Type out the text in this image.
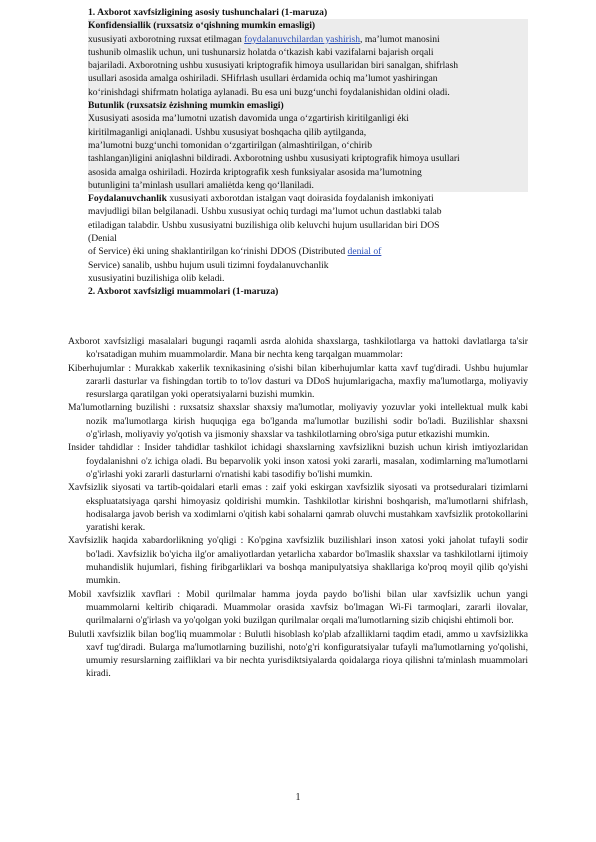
1. Axborot xavfsizligining asosiy tushunchalari (1-maruza)
Konfidensiallik (ruxsatsiz o‘qishning mumkin emasligi)
xususiyati axborotning ruxsat etilmagan foydalanuvchilardan yashirish, ma’lumot manosini
tushunib olmaslik uchun, uni tushunarsiz holatda o‘tkazish kabi vazifalarni bajarish orqali
bajariladi. Axborotning ushbu xususiyati kriptografik himoya usullaridan biri sanalgan, shifrlash
usullari asosida amalga oshiriladi. SHifrlash usullari ėrdamida ochiq ma’lumot yashiringan
ko‘rinishdagi shifrmatn holatiga aylanadi. Bu esa uni buzg‘unchi foydalanishidan oldini oladi.
Butunlik (ruxsatsiz ėzishning mumkin emasligi)
Xususiyati asosida ma’lumotni uzatish davomida unga o‘zgartirish kiritilganligi ėki
kiritilmaganligi aniqlanadi. Ushbu xususiyat boshqacha qilib aytilganda,
ma’lumotni buzg‘unchi tomonidan o‘zgartirilgan (almashtirilgan, o‘chirib
tashlangan)ligini aniqlashni bildiradi. Axborotning ushbu xususiyati kriptografik himoya usullari
asosida amalga oshiriladi. Hozirda kriptografik xesh funksiyalar asosida ma’lumotning
butunligini ta’minlash usullari amaliėtda keng qo‘llaniladi.
Foydalanuvchanlik xususiyati axborotdan istalgan vaqt doirasida foydalanish imkoniyati
mavjudligi bilan belgilanadi. Ushbu xususiyat ochiq turdagi ma’lumot uchun dastlabki talab
etiladigan talabdir. Ushbu xususiyatni buzilishiga olib keluvchi hujum usullaridan biri DOS
(Denial
of Service) ėki uning shaklantirilgan ko‘rinishi DDOS (Distributed denial of
Service) sanalib, ushbu hujum usuli tizimni foydalanuvchanlik
xususiyatini buzilishiga olib keladi.
2. Axborot xavfsizligi muammolari (1-maruza)

Axborot xavfsizligi masalalari bugungi raqamli asrda alohida shaxslarga, tashkilotlarga va hattoki davlatlarga ta'sir ko'rsatadigan muhim muammolardir. Mana bir nechta keng tarqalgan muammolar:

Kiberhujumlar : Murakkab xakerlik texnikasining o'sishi bilan kiberhujumlar katta xavf tug'diradi. Ushbu hujumlar zararli dasturlar va fishingdan tortib to to'lov dasturi va DDoS hujumlarigacha, maxfiy ma'lumotlarga, moliyaviy resurslarga qaratilgan yoki operatsiyalarni buzishi mumkin.

Ma'lumotlarning buzilishi : ruxsatsiz shaxslar shaxsiy ma'lumotlar, moliyaviy yozuvlar yoki intellektual mulk kabi nozik ma'lumotlarga kirish huquqiga ega bo'lganda ma'lumotlar buzilishi sodir bo'ladi. Buzilishlar shaxsni o'g'irlash, moliyaviy yo'qotish va jismoniy shaxslar va tashkilotlarning obro'siga putur etkazishi mumkin.

Insider tahdidlar : Insider tahdidlar tashkilot ichidagi shaxslarning xavfsizlikni buzish uchun kirish imtiyozlaridan foydalanishni o'z ichiga oladi. Bu beparvolik yoki inson xatosi yoki zararli, masalan, xodimlarning ma'lumotlarni o'g'irlashi yoki zararli dasturlarni o'rnatishi kabi tasodifiy bo'lishi mumkin.

Xavfsizlik siyosati va tartib-qoidalari etarli emas : zaif yoki eskirgan xavfsizlik siyosati va protseduralari tizimlarni ekspluatatsiyaga qarshi himoyasiz qoldirishi mumkin. Tashkilotlar kirishni boshqarish, ma'lumotlarni shifrlash, hodisalarga javob berish va xodimlarni o'qitish kabi sohalarni qamrab oluvchi mustahkam xavfsizlik protokollarini yaratishi kerak.

Xavfsizlik haqida xabardorlikning yo'qligi : Ko'pgina xavfsizlik buzilishlari inson xatosi yoki jaholat tufayli sodir bo'ladi. Xavfsizlik bo'yicha ilg'or amaliyotlardan yetarlicha xabardor bo'lmaslik shaxslar va tashkilotlarni ijtimoiy muhandislik hujumlari, fishing firibgarliklari va boshqa manipulyatsiya shakllariga ko'proq moyil qilib qo'yishi mumkin.

Mobil xavfsizlik xavflari : Mobil qurilmalar hamma joyda paydo bo'lishi bilan ular xavfsizlik uchun yangi muammolarni keltirib chiqaradi. Muammolar orasida xavfsiz bo'lmagan Wi-Fi tarmoqlari, zararli ilovalar, qurilmalarni o'g'irlash va yo'qolgan yoki buzilgan qurilmalar orqali ma'lumotlarning sizib chiqishi ehtimoli bor.

Bulutli xavfsizlik bilan bog'liq muammolar : Bulutli hisoblash ko'plab afzalliklarni taqdim etadi, ammo u xavfsizlikka xavf tug'diradi. Bularga ma'lumotlarning buzilishi, noto'g'ri konfiguratsiyalar tufayli ma'lumotlarning yo'qolishi, umumiy resurslarning zaifliklari va bir nechta yurisdiktsiyalarda qoidalarga rioya qilishni ta'minlash muammolari kiradi.

1
